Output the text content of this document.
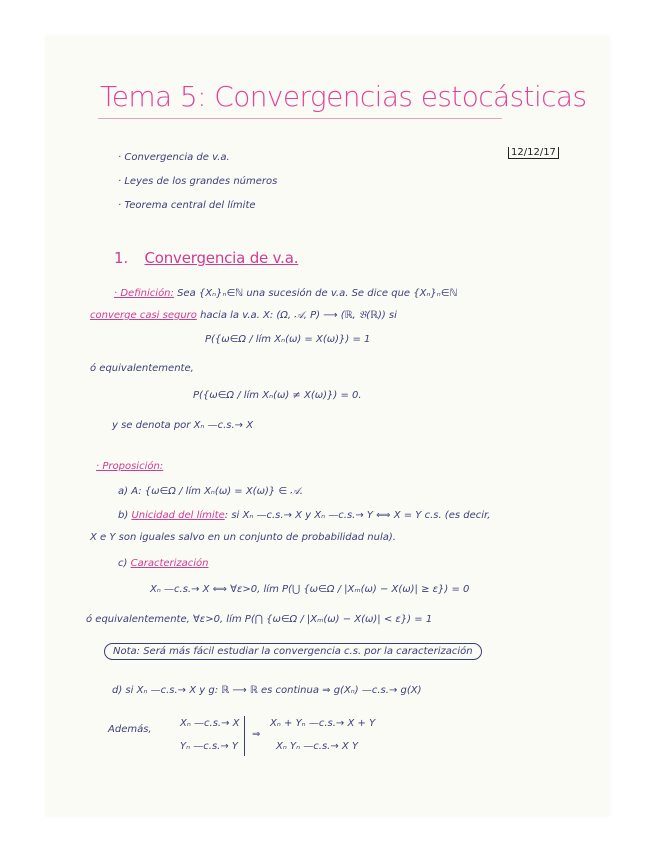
Tema 5: Convergencias estocásticas
12/12/17
· Convergencia de v.a.
· Leyes de los grandes números
· Teorema central del límite
1. Convergencia de v.a.
· Definición: Sea {Xₙ}ₙ∈ℕ una sucesión de v.a. Se dice que {Xₙ}ₙ∈ℕ
converge casi seguro hacia la v.a. X: (Ω, 𝒜, P) ⟶ (ℝ, 𝔅(ℝ)) si
P({ω∈Ω / lím Xₙ(ω) = X(ω)}) = 1
ó equivalentemente,
P({ω∈Ω / lím Xₙ(ω) ≠ X(ω)}) = 0.
y se denota por Xₙ —c.s.→ X
· Proposición:
a) A: {ω∈Ω / lím Xₙ(ω) = X(ω)} ∈ 𝒜.
b) Unicidad del límite: si Xₙ —c.s.→ X y Xₙ —c.s.→ Y ⟺ X = Y c.s. (es decir,
X e Y son iguales salvo en un conjunto de probabilidad nula).
c) Caracterización
Xₙ —c.s.→ X ⟺ ∀ε>0, lím P(⋃ {ω∈Ω / |Xₘ(ω) − X(ω)| ≥ ε}) = 0
ó equivalentemente, ∀ε>0, lím P(⋂ {ω∈Ω / |Xₘ(ω) − X(ω)| < ε}) = 1
Nota: Será más fácil estudiar la convergencia c.s. por la caracterización
d) si Xₙ —c.s.→ X y g: ℝ ⟶ ℝ es continua ⇒ g(Xₙ) —c.s.→ g(X)
Además,
Xₙ —c.s.→ X
Yₙ —c.s.→ Y
⇒
Xₙ + Yₙ —c.s.→ X + Y
Xₙ Yₙ —c.s.→ X Y
